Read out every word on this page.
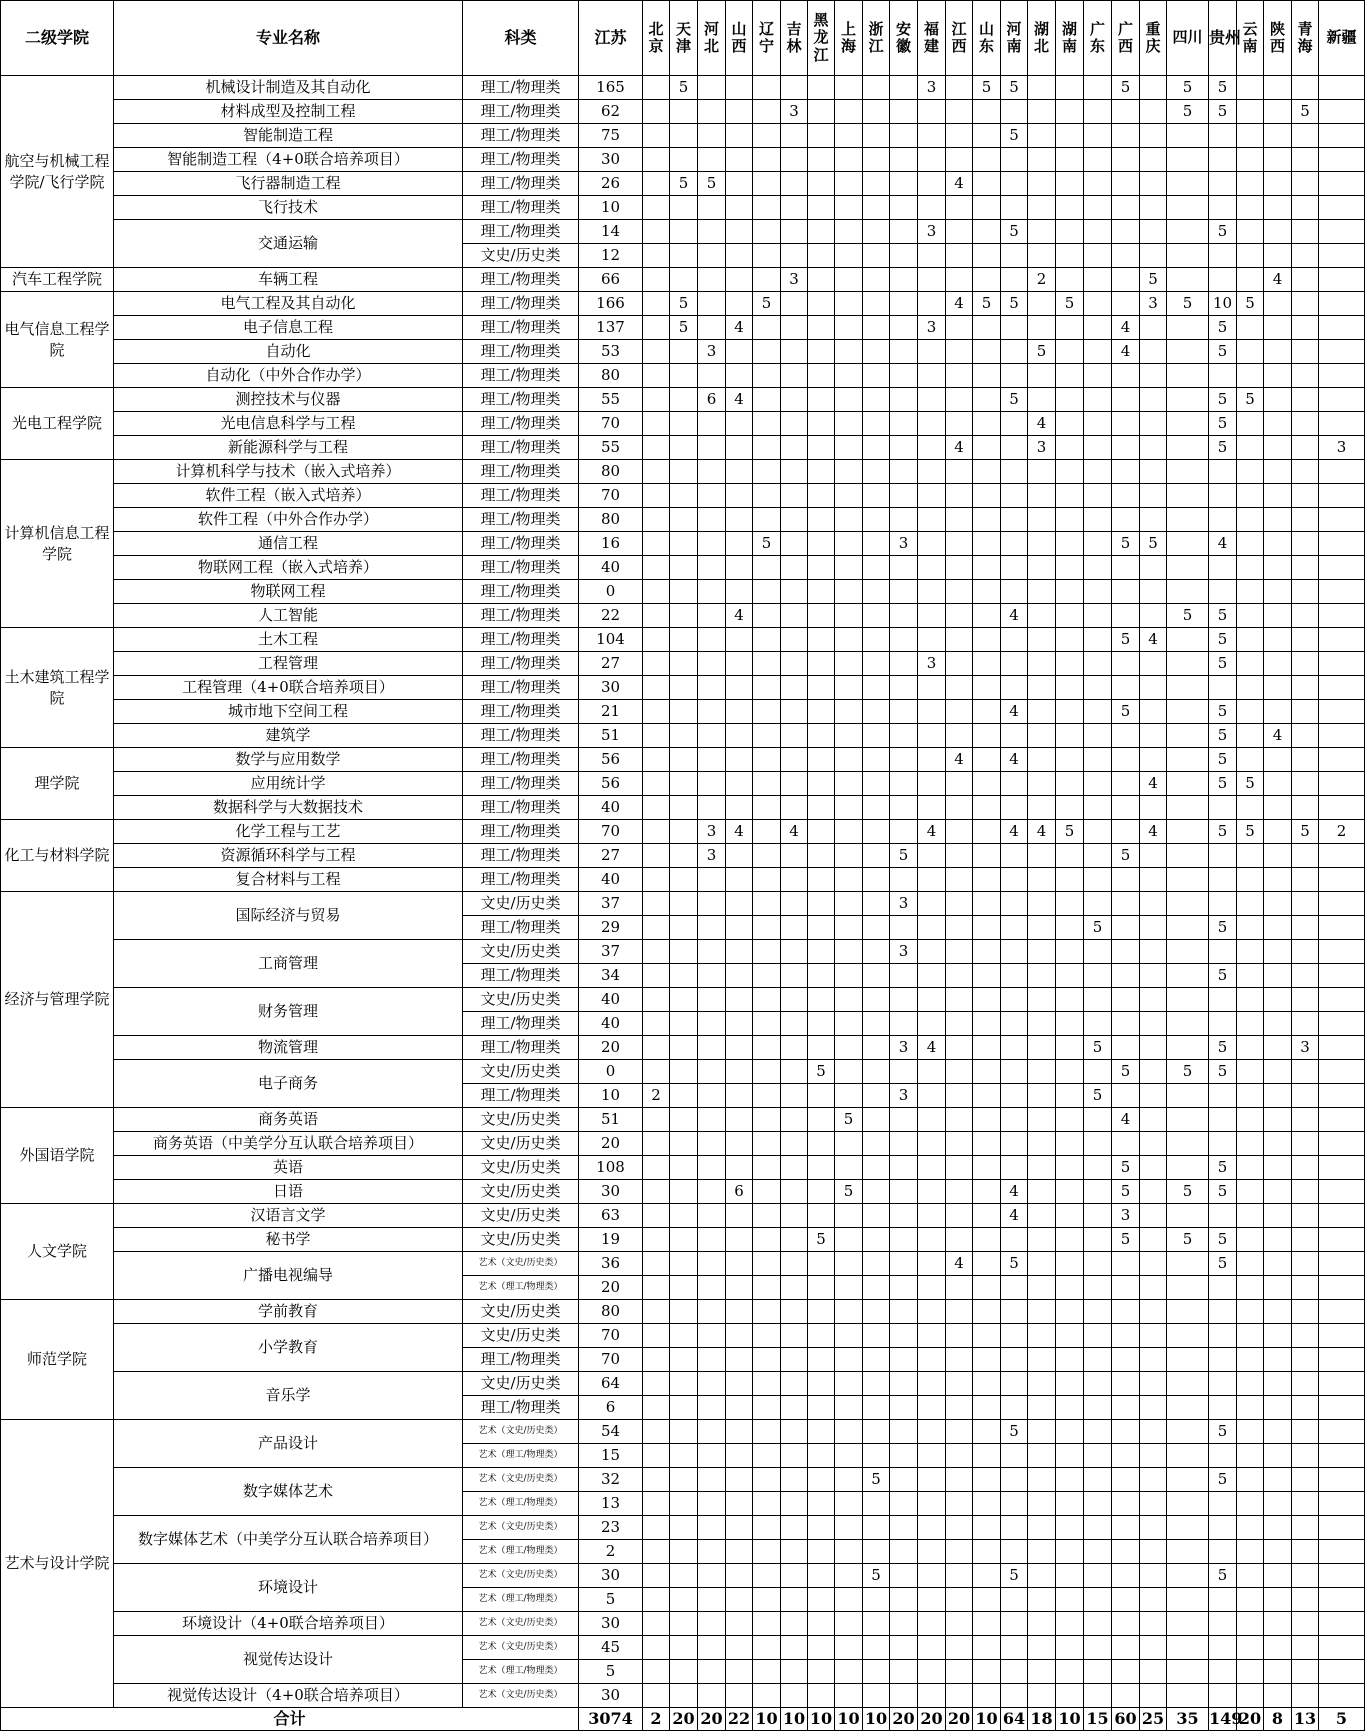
二级学院	专业名称	科类	江苏	北京	天津	河北	山西	辽宁	吉林	黑龙江	上海	浙江	安徽	福建	江西	山东	河南	湖北	湖南	广东	广西	重庆	四川	贵州	云南	陕西	青海	新疆
航空与机械工程学院/飞行学院	机械设计制造及其自动化	理工/物理类	165		5									3		5	5				5		5	5				
	材料成型及控制工程	理工/物理类	62						3														5	5			5	
	智能制造工程	理工/物理类	75														5											
	智能制造工程（4+0联合培养项目）	理工/物理类	30																									
	飞行器制造工程	理工/物理类	26		5	5									4													
	飞行技术	理工/物理类	10																									
	交通运输	理工/物理类	14											3			5							5				
		文史/历史类	12																									
汽车工程学院	车辆工程	理工/物理类	66						3									2				5				4		
电气信息工程学院	电气工程及其自动化	理工/物理类	166		5			5							4	5	5		5			3	5	10	5			
	电子信息工程	理工/物理类	137		5		4							3							4			5				
	自动化	理工/物理类	53			3												5			4			5				
	自动化（中外合作办学）	理工/物理类	80																									
光电工程学院	测控技术与仪器	理工/物理类	55			6	4										5							5	5			
	光电信息科学与工程	理工/物理类	70															4						5				
	新能源科学与工程	理工/物理类	55												4			3						5				3
计算机信息工程学院	计算机科学与技术（嵌入式培养）	理工/物理类	80																									
	软件工程（嵌入式培养）	理工/物理类	70																									
	软件工程（中外合作办学）	理工/物理类	80																									
	通信工程	理工/物理类	16					5					3								5	5		4				
	物联网工程（嵌入式培养）	理工/物理类	40																									
	物联网工程	理工/物理类	0																									
	人工智能	理工/物理类	22				4										4						5	5				
土木建筑工程学院	土木工程	理工/物理类	104																		5	4		5				
	工程管理	理工/物理类	27											3										5				
	工程管理（4+0联合培养项目）	理工/物理类	30																									
	城市地下空间工程	理工/物理类	21														4				5			5				
	建筑学	理工/物理类	51																					5		4		
理学院	数学与应用数学	理工/物理类	56												4		4							5				
	应用统计学	理工/物理类	56																			4		5	5			
	数据科学与大数据技术	理工/物理类	40																									
化工与材料学院	化学工程与工艺	理工/物理类	70			3	4		4					4			4	4	5			4		5	5		5	2
	资源循环科学与工程	理工/物理类	27			3							5								5							
	复合材料与工程	理工/物理类	40																									
经济与管理学院	国际经济与贸易	文史/历史类	37										3															
		理工/物理类	29																	5				5				
	工商管理	文史/历史类	37										3															
		理工/物理类	34																					5				
	财务管理	文史/历史类	40																									
		理工/物理类	40																									
	物流管理	理工/物理类	20										3	4						5				5			3	
	电子商务	文史/历史类	0							5											5		5	5				
		理工/物理类	10	2									3							5								
外国语学院	商务英语	文史/历史类	51								5										4							
	商务英语（中美学分互认联合培养项目）	文史/历史类	20																									
	英语	文史/历史类	108																		5			5				
	日语	文史/历史类	30				6				5						4				5		5	5				
人文学院	汉语言文学	文史/历史类	63														4				3							
	秘书学	文史/历史类	19							5											5		5	5				
	广播电视编导	艺术（文史/历史类）	36												4		5							5				
		艺术（理工/物理类）	20																									
师范学院	学前教育	文史/历史类	80																									
	小学教育	文史/历史类	70																									
		理工/物理类	70																									
	音乐学	文史/历史类	64																									
		理工/物理类	6																									
艺术与设计学院	产品设计	艺术（文史/历史类）	54														5							5				
		艺术（理工/物理类）	15																									
	数字媒体艺术	艺术（文史/历史类）	32									5												5				
		艺术（理工/物理类）	13																									
	数字媒体艺术（中美学分互认联合培养项目）	艺术（文史/历史类）	23																									
		艺术（理工/物理类）	2																									
	环境设计	艺术（文史/历史类）	30									5					5							5				
		艺术（理工/物理类）	5																									
	环境设计（4+0联合培养项目）	艺术（文史/历史类）	30																									
	视觉传达设计	艺术（文史/历史类）	45																									
		艺术（理工/物理类）	5																									
	视觉传达设计（4+0联合培养项目）	艺术（文史/历史类）	30																									
合计			3074	2	20	20	22	10	10	10	10	10	20	20	20	10	64	18	10	15	60	25	35	149	20	8	13	5
